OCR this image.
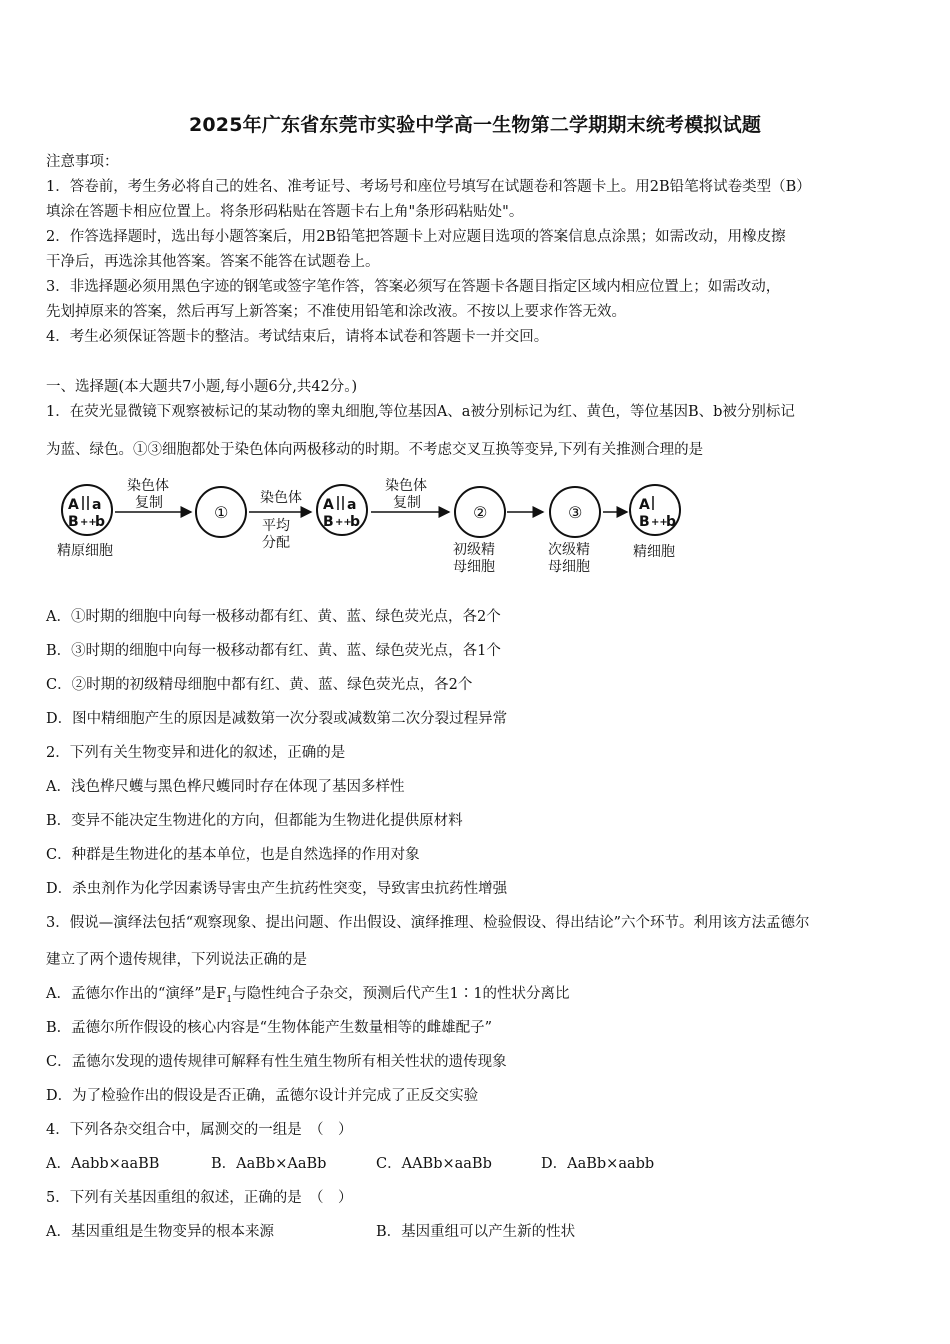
2025年广东省东莞市实验中学高一生物第二学期期末统考模拟试题
注意事项：
1．答卷前，考生务必将自己的姓名、准考证号、考场号和座位号填写在试题卷和答题卡上。用2B铅笔将试卷类型（B）
填涂在答题卡相应位置上。将条形码粘贴在答题卡右上角"条形码粘贴处"。
2．作答选择题时，选出每小题答案后，用2B铅笔把答题卡上对应题目选项的答案信息点涂黑；如需改动，用橡皮擦
干净后，再选涂其他答案。答案不能答在试题卷上。
3．非选择题必须用黑色字迹的钢笔或签字笔作答，答案必须写在答题卡各题目指定区域内相应位置上；如需改动，
先划掉原来的答案，然后再写上新答案；不准使用铅笔和涂改液。不按以上要求作答无效。
4．考生必须保证答题卡的整洁。考试结束后，请将本试卷和答题卡一并交回。
一、选择题(本大题共7小题,每小题6分,共42分。)
1．在荧光显微镜下观察被标记的某动物的睾丸细胞,等位基因A、a被分别标记为红、黄色，等位基因B、b被分别标记
为蓝、绿色。①③细胞都处于染色体向两极移动的时期。不考虑交叉互换等变异,下列有关推测合理的是
A a
B ++
b
精原细胞
染色体
复制	①
染色体
平均
分配
A a
B ++
b
染色体
复制	②
初级精
母细胞
③
次级精
母细胞
A
B ++
b
精细胞
A．①时期的细胞中向每一极移动都有红、黄、蓝、绿色荧光点，各2个
B．③时期的细胞中向每一极移动都有红、黄、蓝、绿色荧光点，各1个
C．②时期的初级精母细胞中都有红、黄、蓝、绿色荧光点，各2个
D．图中精细胞产生的原因是减数第一次分裂或减数第二次分裂过程异常
2．下列有关生物变异和进化的叙述，正确的是
A．浅色桦尺蠖与黑色桦尺蠖同时存在体现了基因多样性
B．变异不能决定生物进化的方向，但都能为生物进化提供原材料
C．种群是生物进化的基本单位，也是自然选择的作用对象
D．杀虫剂作为化学因素诱导害虫产生抗药性突变，导致害虫抗药性增强
3．假说—演绎法包括“观察现象、提出问题、作出假设、演绎推理、检验假设、得出结论”六个环节。利用该方法孟德尔
建立了两个遗传规律，下列说法正确的是
A．孟德尔作出的“演绎”是$F_1$与隐性纯合子杂交，预测后代产生1∶1的性状分离比
B．孟德尔所作假设的核心内容是“生物体能产生数量相等的雌雄配子”
C．孟德尔发现的遗传规律可解释有性生殖生物所有相关性状的遗传现象
D．为了检验作出的假设是否正确，孟德尔设计并完成了正反交实验
4．下列各杂交组合中，属测交的一组是　（　）
A．Aabb×aaBB	B．AaBb×AaBb	C．AABb×aaBb	D．AaBb×aabb
5．下列有关基因重组的叙述，正确的是　（　）
A．基因重组是生物变异的根本来源	B．基因重组可以产生新的性状
